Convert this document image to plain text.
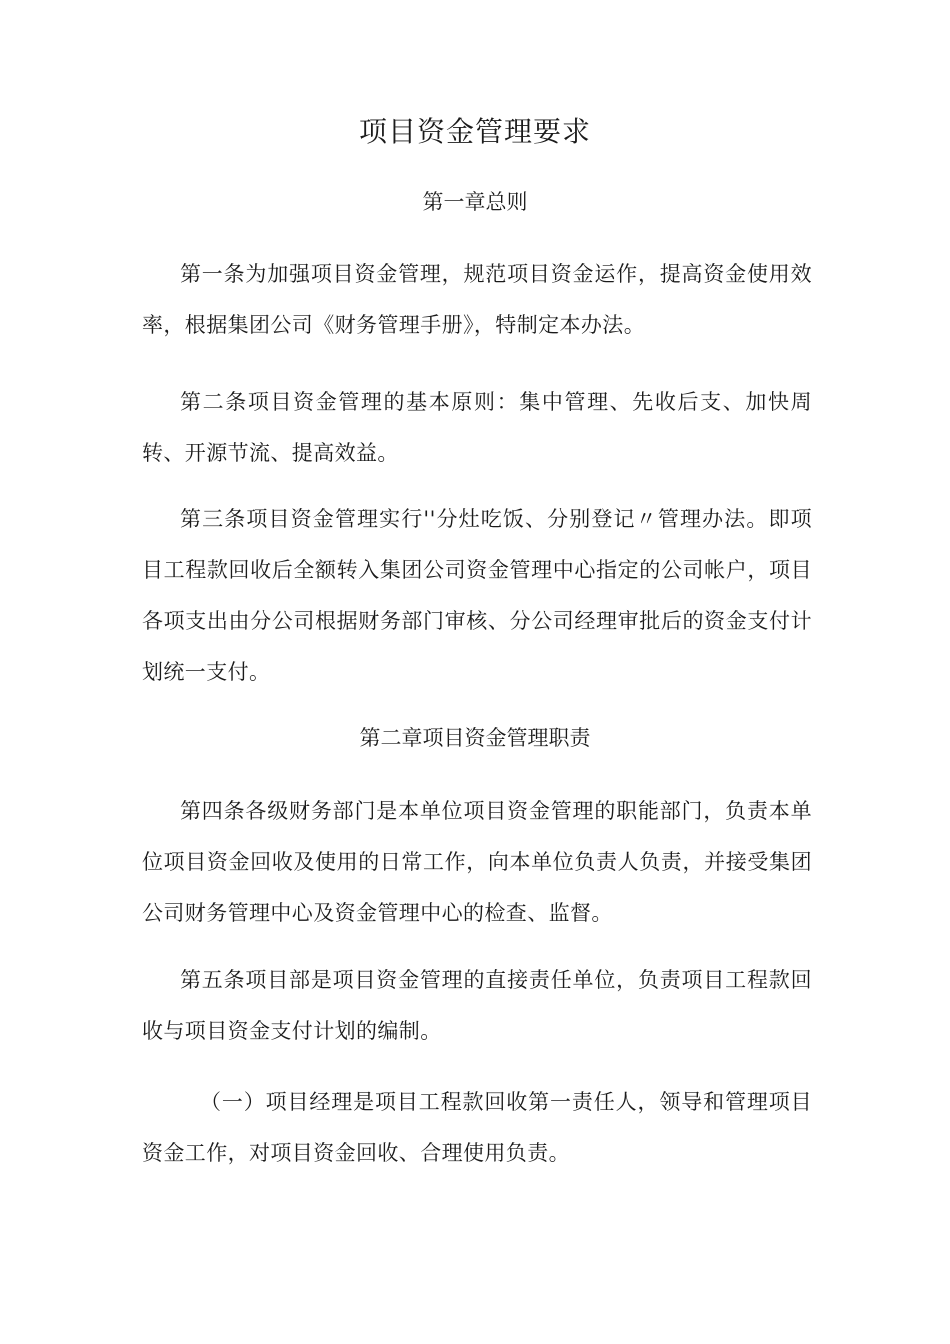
项目资金管理要求
第一章总则

第一条为加强项目资金管理，规范项目资金运作，提高资金使用效率，根据集团公司《财务管理手册》，特制定本办法。

第二条项目资金管理的基本原则：集中管理、先收后支、加快周转、开源节流、提高效益。

第三条项目资金管理实行''分灶吃饭、分别登记〃管理办法。即项目工程款回收后全额转入集团公司资金管理中心指定的公司帐户，项目各项支出由分公司根据财务部门审核、分公司经理审批后的资金支付计划统一支付。

第二章项目资金管理职责

第四条各级财务部门是本单位项目资金管理的职能部门，负责本单位项目资金回收及使用的日常工作，向本单位负责人负责，并接受集团公司财务管理中心及资金管理中心的检查、监督。

第五条项目部是项目资金管理的直接责任单位，负责项目工程款回收与项目资金支付计划的编制。

（一）项目经理是项目工程款回收第一责任人，领导和管理项目资金工作，对项目资金回收、合理使用负责。
